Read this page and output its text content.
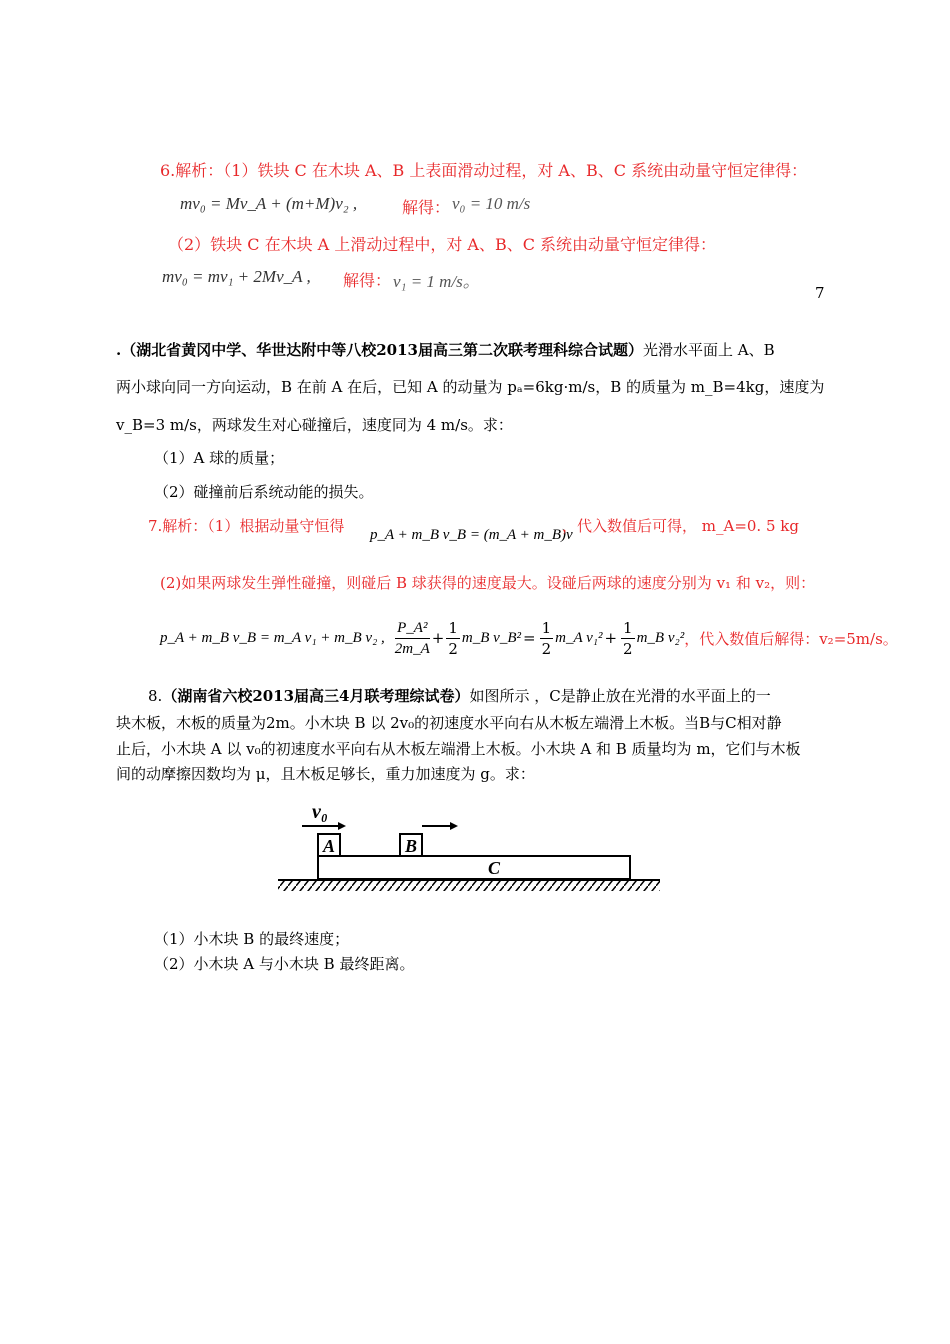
6.解析：（1）铁块 C 在木块 A、B 上表面滑动过程，对 A、B、C 系统由动量守恒定律得：
mv₀ = Mv_A + (m+M)v₂ ,	解得： v₀ = 10 m/s
（2）铁块 C 在木块 A 上滑动过程中，对 A、B、C 系统由动量守恒定律得：
mv₀ = mv₁ + 2Mv_A , 解得： v₁ = 1 m/s。
7
.（湖北省黄冈中学、华世达附中等八校2013届高三第二次联考理科综合试题）光滑水平面上 A、B
两小球向同一方向运动，B 在前 A 在后，已知 A 的动量为 pₐ=6kg·m/s，B 的质量为 m_B=4kg，速度为
v_B=3 m/s，两球发生对心碰撞后，速度同为 4 m/s。求：
（1）A 球的质量；
（2）碰撞前后系统动能的损失。
7.解析：（1）根据动量守恒得 p_A + m_B v_B = (m_A + m_B)v
，代入数值后可得， m_A=0. 5 kg
(2)如果两球发生弹性碰撞，则碰后 B 球获得的速度最大。设碰后两球的速度分别为 v₁ 和 v₂，则：
p_A + m_B v_B = m_A v₁ + m_B v₂ , $\frac{\text{P\_A²}}{2m\_A} + \frac{1}{2}$ m_B v_B² = $\frac{1}{2}$ m_A $v_1^2 + \frac{1}{2}$ m_B v₂² ，代入数值后解得：v₂=5m/s。
8.（湖南省六校2013届高三4月联考理综试卷）如图所示 ，C是静止放在光滑的水平面上的一
块木板，木板的质量为2m。小木块 B 以 2v₀的初速度水平向右从木板左端滑上木板。当B与C相对静
止后，小木块 A 以 v₀的初速度水平向右从木板左端滑上木板。小木块 A 和 B 质量均为 m，它们与木板
间的动摩擦因数均为 μ，且木板足够长，重力加速度为 g。求：
v₀
A	B
C
（1）小木块 B 的最终速度；
（2）小木块 A 与小木块 B 最终距离。
